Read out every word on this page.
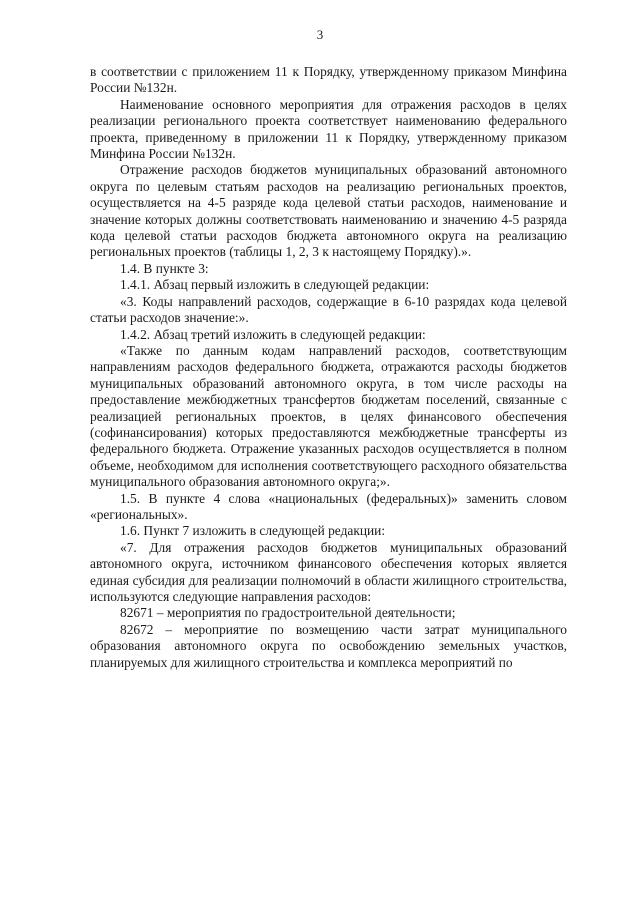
3

в соответствии с приложением 11 к Порядку, утвержденному приказом Минфина России №132н.

Наименование основного мероприятия для отражения расходов в целях реализации регионального проекта соответствует наименованию федерального проекта, приведенному в приложении 11 к Порядку, утвержденному приказом Минфина России №132н.

Отражение расходов бюджетов муниципальных образований автономного округа по целевым статьям расходов на реализацию региональных проектов, осуществляется на 4-5 разряде кода целевой статьи расходов, наименование и значение которых должны соответствовать наименованию и значению 4-5 разряда кода целевой статьи расходов бюджета автономного округа на реализацию региональных проектов (таблицы 1, 2, 3 к настоящему Порядку).».

1.4. В пункте 3:

1.4.1. Абзац первый изложить в следующей редакции:

«3. Коды направлений расходов, содержащие в 6-10 разрядах кода целевой статьи расходов значение:».

1.4.2. Абзац третий изложить в следующей редакции:

«Также по данным кодам направлений расходов, соответствующим направлениям расходов федерального бюджета, отражаются расходы бюджетов муниципальных образований автономного округа, в том числе расходы на предоставление межбюджетных трансфертов бюджетам поселений, связанные с реализацией региональных проектов, в целях финансового обеспечения (софинансирования) которых предоставляются межбюджетные трансферты из федерального бюджета. Отражение указанных расходов осуществляется в полном объеме, необходимом для исполнения соответствующего расходного обязательства муниципального образования автономного округа;».

1.5. В пункте 4 слова «национальных (федеральных)» заменить словом «региональных».

1.6. Пункт 7 изложить в следующей редакции:

«7. Для отражения расходов бюджетов муниципальных образований автономного округа, источником финансового обеспечения которых является единая субсидия для реализации полномочий в области жилищного строительства, используются следующие направления расходов:

82671 – мероприятия по градостроительной деятельности;

82672 – мероприятие по возмещению части затрат муниципального образования автономного округа по освобождению земельных участков, планируемых для жилищного строительства и комплекса мероприятий по
